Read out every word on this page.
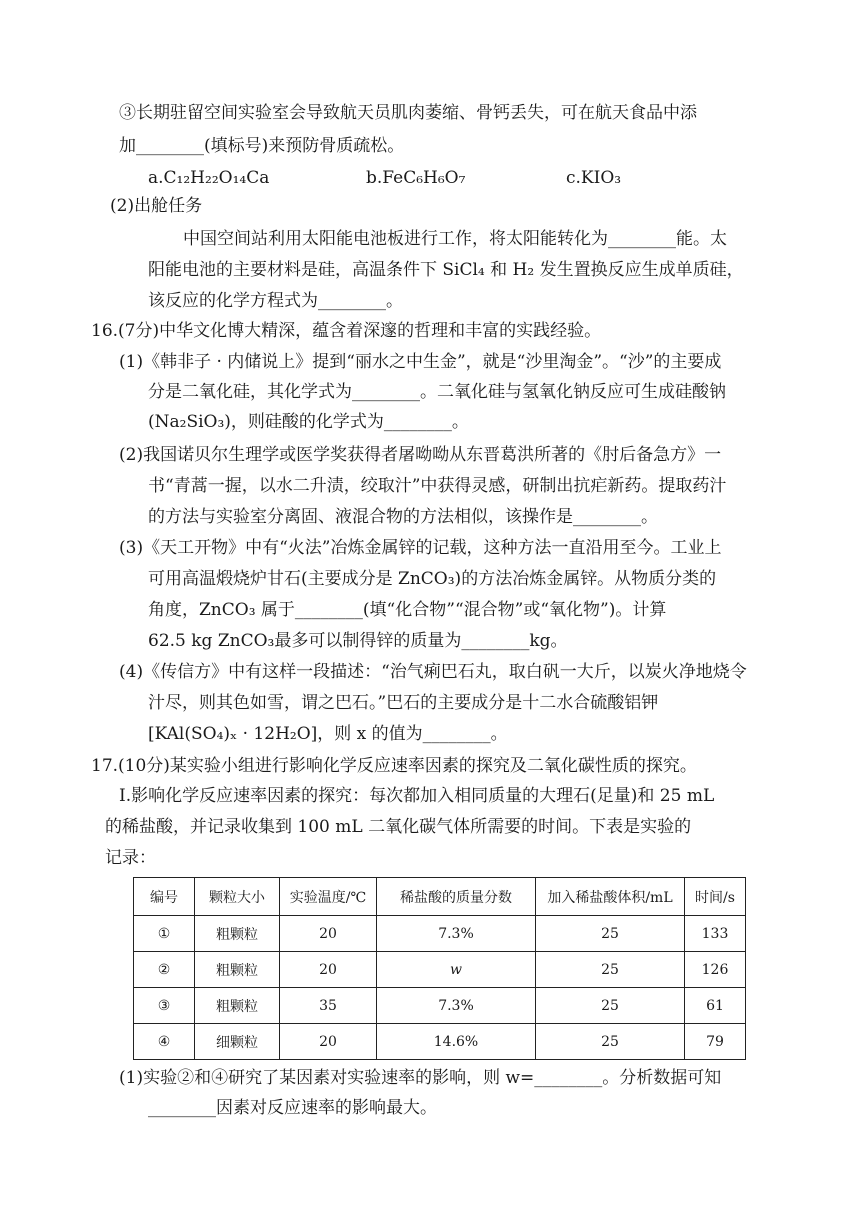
③长期驻留空间实验室会导致航天员肌肉萎缩、骨钙丢失，可在航天食品中添
加________(填标号)来预防骨质疏松。
a.C₁₂H₂₂O₁₄Ca	b.FeC₆H₆O₇	c.KIO₃
(2)出舱任务
中国空间站利用太阳能电池板进行工作，将太阳能转化为________能。太
阳能电池的主要材料是硅，高温条件下 SiCl₄ 和 H₂ 发生置换反应生成单质硅，
该反应的化学方程式为________。
16.(7分)中华文化博大精深，蕴含着深邃的哲理和丰富的实践经验。
(1)《韩非子 · 内储说上》提到“丽水之中生金”，就是“沙里淘金”。“沙”的主要成
分是二氧化硅，其化学式为________。二氧化硅与氢氧化钠反应可生成硅酸钠
(Na₂SiO₃)，则硅酸的化学式为________。
(2)我国诺贝尔生理学或医学奖获得者屠呦呦从东晋葛洪所著的《肘后备急方》一
书“青蒿一握，以水二升渍，绞取汁”中获得灵感，研制出抗疟新药。提取药汁
的方法与实验室分离固、液混合物的方法相似，该操作是________。
(3)《天工开物》中有“火法”冶炼金属锌的记载，这种方法一直沿用至今。工业上
可用高温煅烧炉甘石(主要成分是 ZnCO₃)的方法冶炼金属锌。从物质分类的
角度，ZnCO₃ 属于________(填“化合物”“混合物”或“氧化物”)。计算
62.5 kg ZnCO₃最多可以制得锌的质量为________kg。
(4)《传信方》中有这样一段描述：“治气痢巴石丸，取白矾一大斤，以炭火净地烧令
汁尽，则其色如雪，谓之巴石。”巴石的主要成分是十二水合硫酸铝钾
[KAl(SO₄)ₓ · 12H₂O]，则 x 的值为________。
17.(10分)某实验小组进行影响化学反应速率因素的探究及二氧化碳性质的探究。
Ⅰ.影响化学反应速率因素的探究：每次都加入相同质量的大理石(足量)和 25 mL
的稀盐酸，并记录收集到 100 mL 二氧化碳气体所需要的时间。下表是实验的
记录：
编号	颗粒大小	实验温度/℃	稀盐酸的质量分数	加入稀盐酸体积/mL	时间/s
①	粗颗粒	20	7.3%	25	133
②	粗颗粒	20	w	25	126
③	粗颗粒	35	7.3%	25	61
④	细颗粒	20	14.6%	25	79
(1)实验②和④研究了某因素对实验速率的影响，则 w=________。分析数据可知
________因素对反应速率的影响最大。
